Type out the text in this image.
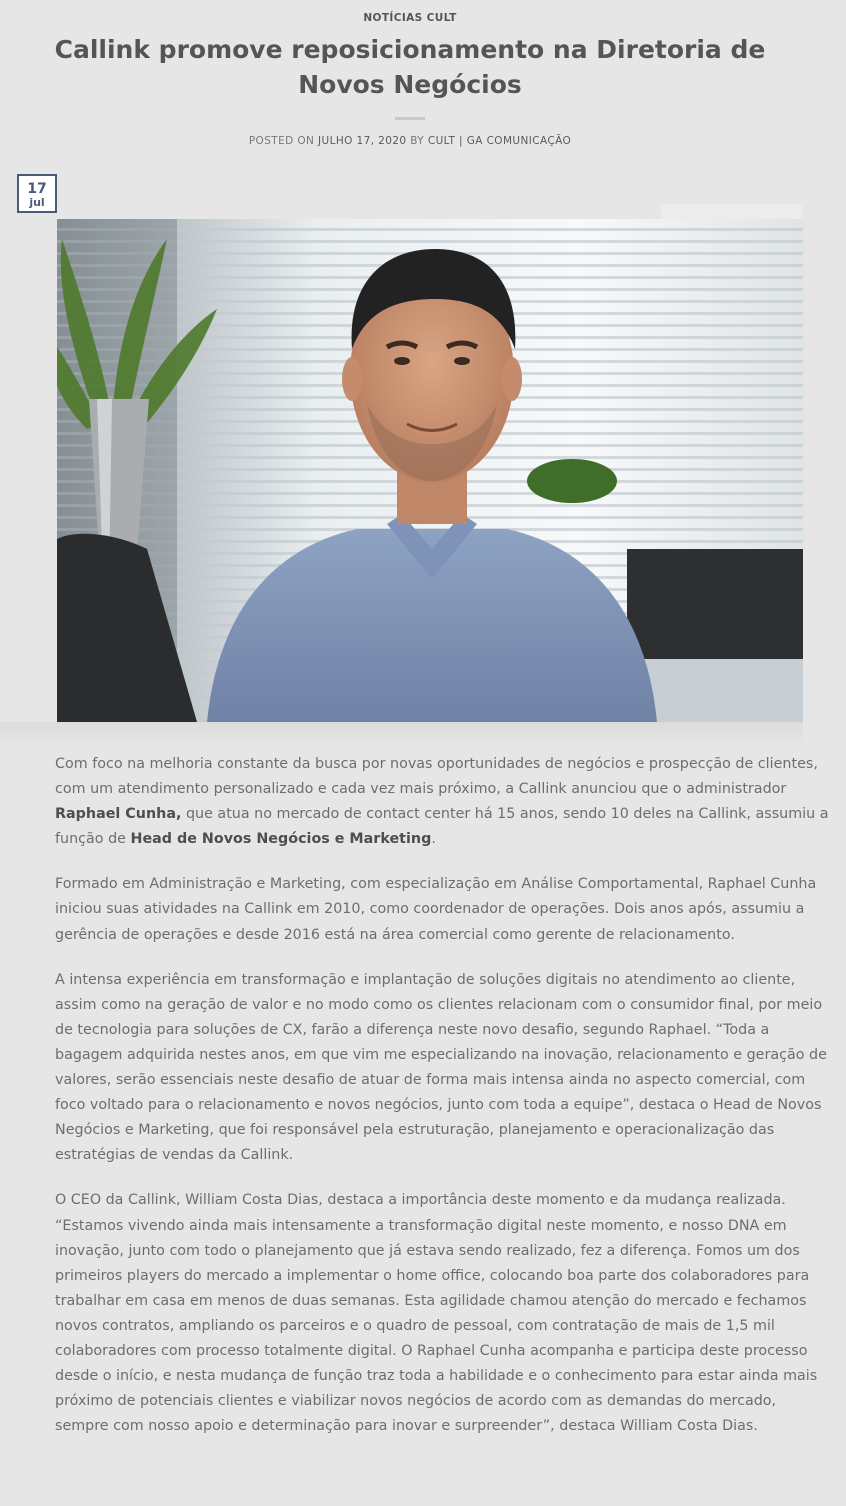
NOTÍCIAS CULT
Callink promove reposicionamento na Diretoria de Novos Negócios
POSTED ON JULHO 17, 2020 BY CULT | GA COMUNICAÇÃO
17
jul

Com foco na melhoria constante da busca por novas oportunidades de negócios e prospecção de clientes, com um atendimento personalizado e cada vez mais próximo, a Callink anunciou que o administrador Raphael Cunha, que atua no mercado de contact center há 15 anos, sendo 10 deles na Callink, assumiu a função de Head de Novos Negócios e Marketing.

Formado em Administração e Marketing, com especialização em Análise Comportamental, Raphael Cunha iniciou suas atividades na Callink em 2010, como coordenador de operações. Dois anos após, assumiu a gerência de operações e desde 2016 está na área comercial como gerente de relacionamento.

A intensa experiência em transformação e implantação de soluções digitais no atendimento ao cliente, assim como na geração de valor e no modo como os clientes relacionam com o consumidor final, por meio de tecnologia para soluções de CX, farão a diferença neste novo desafio, segundo Raphael. “Toda a bagagem adquirida nestes anos, em que vim me especializando na inovação, relacionamento e geração de valores, serão essenciais neste desafio de atuar de forma mais intensa ainda no aspecto comercial, com foco voltado para o relacionamento e novos negócios, junto com toda a equipe”, destaca o Head de Novos Negócios e Marketing, que foi responsável pela estruturação, planejamento e operacionalização das estratégias de vendas da Callink.

O CEO da Callink, William Costa Dias, destaca a importância deste momento e da mudança realizada. “Estamos vivendo ainda mais intensamente a transformação digital neste momento, e nosso DNA em inovação, junto com todo o planejamento que já estava sendo realizado, fez a diferença. Fomos um dos primeiros players do mercado a implementar o home office, colocando boa parte dos colaboradores para trabalhar em casa em menos de duas semanas. Esta agilidade chamou atenção do mercado e fechamos novos contratos, ampliando os parceiros e o quadro de pessoal, com contratação de mais de 1,5 mil colaboradores com processo totalmente digital. O Raphael Cunha acompanha e participa deste processo desde o início, e nesta mudança de função traz toda a habilidade e o conhecimento para estar ainda mais próximo de potenciais clientes e viabilizar novos negócios de acordo com as demandas do mercado, sempre com nosso apoio e determinação para inovar e surpreender”, destaca William Costa Dias.
